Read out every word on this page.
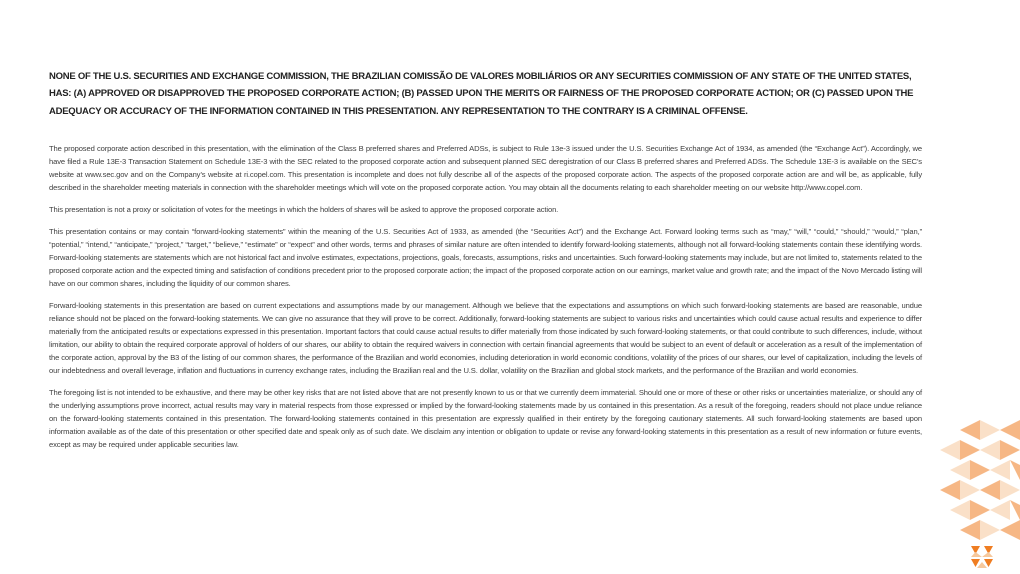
NONE OF THE U.S. SECURITIES AND EXCHANGE COMMISSION, THE BRAZILIAN COMISSÃO DE VALORES MOBILIÁRIOS OR ANY SECURITIES COMMISSION OF ANY STATE OF THE UNITED STATES, HAS: (A) APPROVED OR DISAPPROVED THE PROPOSED CORPORATE ACTION; (B) PASSED UPON THE MERITS OR FAIRNESS OF THE PROPOSED CORPORATE ACTION; OR (C) PASSED UPON THE ADEQUACY OR ACCURACY OF THE INFORMATION CONTAINED IN THIS PRESENTATION. ANY REPRESENTATION TO THE CONTRARY IS A CRIMINAL OFFENSE.

The proposed corporate action described in this presentation, with the elimination of the Class B preferred shares and Preferred ADSs, is subject to Rule 13e-3 issued under the U.S. Securities Exchange Act of 1934, as amended (the “Exchange Act”). Accordingly, we have filed a Rule 13E-3 Transaction Statement on Schedule 13E-3 with the SEC related to the proposed corporate action and subsequent planned SEC deregistration of our Class B preferred shares and Preferred ADSs. The Schedule 13E-3 is available on the SEC’s website at www.sec.gov and on the Company’s website at ri.copel.com. This presentation is incomplete and does not fully describe all of the aspects of the proposed corporate action. The aspects of the proposed corporate action are and will be, as applicable, fully described in the shareholder meeting materials in connection with the shareholder meetings which will vote on the proposed corporate action. You may obtain all the documents relating to each shareholder meeting on our website http://www.copel.com.

This presentation is not a proxy or solicitation of votes for the meetings in which the holders of shares will be asked to approve the proposed corporate action.

This presentation contains or may contain “forward-looking statements” within the meaning of the U.S. Securities Act of 1933, as amended (the “Securities Act”) and the Exchange Act. Forward looking terms such as “may,” “will,” “could,” “should,” “would,” “plan,” “potential,” “intend,” “anticipate,” “project,” “target,” “believe,” “estimate” or “expect” and other words, terms and phrases of similar nature are often intended to identify forward-looking statements, although not all forward-looking statements contain these identifying words. Forward-looking statements are statements which are not historical fact and involve estimates, expectations, projections, goals, forecasts, assumptions, risks and uncertainties. Such forward-looking statements may include, but are not limited to, statements related to the proposed corporate action and the expected timing and satisfaction of conditions precedent prior to the proposed corporate action; the impact of the proposed corporate action on our earnings, market value and growth rate; and the impact of the Novo Mercado listing will have on our common shares, including the liquidity of our common shares.

Forward-looking statements in this presentation are based on current expectations and assumptions made by our management. Although we believe that the expectations and assumptions on which such forward-looking statements are based are reasonable, undue reliance should not be placed on the forward-looking statements. We can give no assurance that they will prove to be correct. Additionally, forward-looking statements are subject to various risks and uncertainties which could cause actual results and experience to differ materially from the anticipated results or expectations expressed in this presentation. Important factors that could cause actual results to differ materially from those indicated by such forward-looking statements, or that could contribute to such differences, include, without limitation, our ability to obtain the required corporate approval of holders of our shares, our ability to obtain the required waivers in connection with certain financial agreements that would be subject to an event of default or acceleration as a result of the implementation of the corporate action, approval by the B3 of the listing of our common shares, the performance of the Brazilian and world economies, including deterioration in world economic conditions, volatility of the prices of our shares, our level of capitalization, including the levels of our indebtedness and overall leverage, inflation and fluctuations in currency exchange rates, including the Brazilian real and the U.S. dollar, volatility on the Brazilian and global stock markets, and the performance of the Brazilian and world economies.

The foregoing list is not intended to be exhaustive, and there may be other key risks that are not listed above that are not presently known to us or that we currently deem immaterial. Should one or more of these or other risks or uncertainties materialize, or should any of the underlying assumptions prove incorrect, actual results may vary in material respects from those expressed or implied by the forward-looking statements made by us contained in this presentation. As a result of the foregoing, readers should not place undue reliance on the forward-looking statements contained in this presentation. The forward-looking statements contained in this presentation are expressly qualified in their entirety by the foregoing cautionary statements. All such forward-looking statements are based upon information available as of the date of this presentation or other specified date and speak only as of such date. We disclaim any intention or obligation to update or revise any forward-looking statements in this presentation as a result of new information or future events, except as may be required under applicable securities law.
